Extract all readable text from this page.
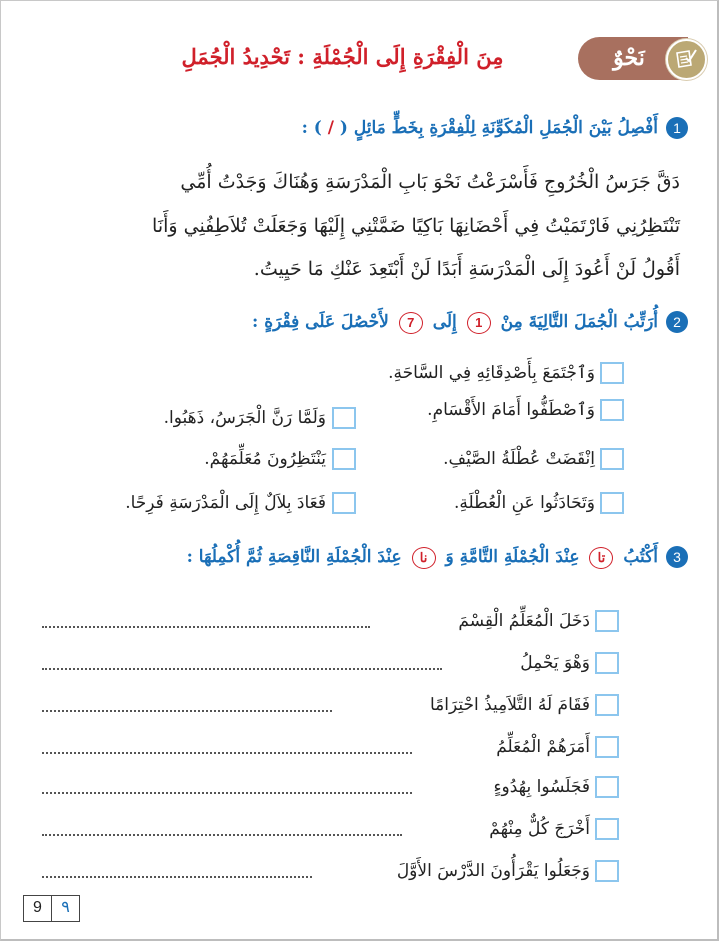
نَحْوٌ
مِنَ الْفِقْرَةِ إِلَى الْجُمْلَةِ : تَحْدِيدُ الْجُمَلِ
1
أَفْصِلُ بَيْنَ الْجُمَلِ الْمُكَوِّنَةِ لِلْفِقْرَةِ بِخَطٍّ مَائِلٍ ( / ) :
دَقَّ جَرَسُ الْخُرُوجِ فَأَسْرَعْتُ نَحْوَ بَابِ الْمَدْرَسَةِ وَهُنَاكَ وَجَدْتُ أُمِّي
تَنْتَظِرُنِي فَارْتَمَيْتُ فِي أَحْضَانِهَا بَاكِيًا ضَمَّتْنِي إِلَيْهَا وَجَعَلَتْ تُلاَطِفُنِي وَأَنَا
أَقُولُ لَنْ أَعُودَ إِلَى الْمَدْرَسَةِ أَبَدًا لَنْ أَبْتَعِدَ عَنْكِ مَا حَيِيتُ.
2
أُرَتِّبُ الْجُمَلَ التَّالِيَةَ مِنْ 1 إِلَى 7 لأَحْصُلَ عَلَى فِقْرَةٍ :
وَٱجْتَمَعَ بِأَصْدِقَائِهِ فِي السَّاحَةِ.
وَٱصْطَفُّوا أَمَامَ الأَقْسَامِ.
اِنْقَضَتْ عُطْلَةُ الصَّيْفِ.
وَتَحَادَثُوا عَنِ الْعُطْلَةِ.
وَلَمَّا رَنَّ الْجَرَسُ، ذَهَبُوا.
يَنْتَظِرُونَ مُعَلِّمَهُمْ.
فَعَادَ بِلاَلٌ إِلَى الْمَدْرَسَةِ فَرِحًا.
3
أَكْتُبُ تا عِنْدَ الْجُمْلَةِ التَّامَّةِ وَ نا عِنْدَ الْجُمْلَةِ النَّاقِصَةِ ثُمَّ أُكْمِلُهَا :
دَخَلَ الْمُعَلِّمُ الْقِسْمَ
وَهْوَ يَحْمِلُ
فَقَامَ لَهُ التَّلاَمِيذُ احْتِرَامًا
أَمَرَهُمْ الْمُعَلِّمُ
فَجَلَسُوا بِهُدُوءٍ
أَخْرَجَ كُلٌّ مِنْهُمْ
وَجَعَلُوا يَقْرَأُونَ الدَّرْسَ الأَوَّلَ
9	٩
